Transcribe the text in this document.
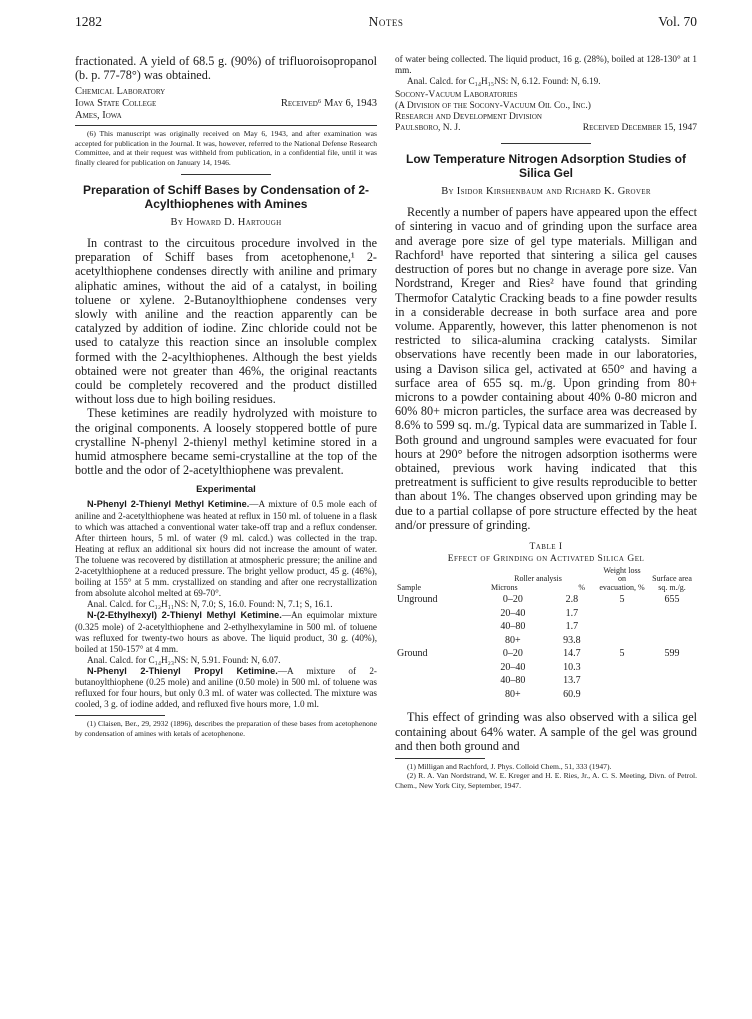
1282	Notes	Vol. 70

fractionated. A yield of 68.5 g. (90%) of trifluoroisopropanol (b. p. 77-78°) was obtained.

Chemical Laboratory
Iowa State College	Received⁶ May 6, 1943
Ames, Iowa

(6) This manuscript was originally received on May 6, 1943, and after examination was accepted for publication in the Journal. It was, however, referred to the National Defense Research Committee, and at their request was withheld from publication, in a confidential file, until it was finally cleared for publication on January 14, 1946.

Preparation of Schiff Bases by Condensation of 2-Acylthiophenes with Amines
By Howard D. Hartough

In contrast to the circuitous procedure involved in the preparation of Schiff bases from acetophenone,¹ 2-acetylthiophene condenses directly with aniline and primary aliphatic amines, without the aid of a catalyst, in boiling toluene or xylene. 2-Butanoylthiophene condenses very slowly with aniline and the reaction apparently can be catalyzed by addition of iodine. Zinc chloride could not be used to catalyze this reaction since an insoluble complex formed with the 2-acylthiophenes. Although the best yields obtained were not greater than 46%, the original reactants could be completely recovered and the product distilled without loss due to high boiling residues.

These ketimines are readily hydrolyzed with moisture to the original components. A loosely stoppered bottle of pure crystalline N-phenyl 2-thienyl methyl ketimine stored in a humid atmosphere became semi-crystalline at the top of the bottle and the odor of 2-acetylthiophene was prevalent.

Experimental

N-Phenyl 2-Thienyl Methyl Ketimine.—A mixture of 0.5 mole each of aniline and 2-acetylthiophene was heated at reflux in 150 ml. of toluene in a flask to which was attached a conventional water take-off trap and a reflux condenser. After thirteen hours, 5 ml. of water (9 ml. calcd.) was collected in the trap. Heating at reflux an additional six hours did not increase the amount of water. The toluene was recovered by distillation at atmospheric pressure; the aniline and 2-acetylthiophene at a reduced pressure. The bright yellow product, 45 g. (46%), boiling at 155° at 5 mm. crystallized on standing and after one recrystallization from absolute alcohol melted at 69-70°.

Anal. Calcd. for C₁₂H₁₁NS: N, 7.0; S, 16.0. Found: N, 7.1; S, 16.1.

N-(2-Ethylhexyl) 2-Thienyl Methyl Ketimine.—An equimolar mixture (0.325 mole) of 2-acetylthiophene and 2-ethylhexylamine in 500 ml. of toluene was refluxed for twenty-two hours as above. The liquid product, 30 g. (40%), boiled at 150-157° at 4 mm.

Anal. Calcd. for C₁₄H₂₃NS: N, 5.91. Found: N, 6.07.

N-Phenyl 2-Thienyl Propyl Ketimine.—A mixture of 2-butanoylthiophene (0.25 mole) and aniline (0.50 mole) in 500 ml. of toluene was refluxed for four hours, but only 0.3 ml. of water was collected. The mixture was cooled, 3 g. of iodine added, and refluxed five hours more, 1.0 ml.

(1) Claisen, Ber., 29, 2932 (1896), describes the preparation of these bases from acetophenone by condensation of amines with ketals of acetophenone.

of water being collected. The liquid product, 16 g. (28%), boiled at 128-130° at 1 mm.

Anal. Calcd. for C₁₄H₁₅NS: N, 6.12. Found: N, 6.19.

Socony-Vacuum Laboratories
(A Division of the Socony-Vacuum Oil Co., Inc.)
Research and Development Division
Paulsboro, N. J.	Received December 15, 1947
Low Temperature Nitrogen Adsorption Studies of Silica Gel
By Isidor Kirshenbaum and Richard K. Grover

Recently a number of papers have appeared upon the effect of sintering in vacuo and of grinding upon the surface area and average pore size of gel type materials. Milligan and Rachford¹ have reported that sintering a silica gel causes destruction of pores but no change in average pore size. Van Nordstrand, Kreger and Ries² have found that grinding Thermofor Catalytic Cracking beads to a fine powder results in a considerable decrease in both surface area and pore volume. Apparently, however, this latter phenomenon is not restricted to silica-alumina cracking catalysts. Similar observations have recently been made in our laboratories, using a Davison silica gel, activated at 650° and having a surface area of 655 sq. m./g. Upon grinding from 80+ microns to a powder containing about 40% 0-80 micron and 60% 80+ micron particles, the surface area was decreased by 8.6% to 599 sq. m./g. Typical data are summarized in Table I. Both ground and unground samples were evacuated for four hours at 290° before the nitrogen adsorption isotherms were obtained, previous work having indicated that this pretreatment is sufficient to give results reproducible to better than about 1%. The changes observed upon grinding may be due to a partial collapse of pore structure effected by the heat and/or pressure of grinding.

Table I
Effect of Grinding on Activated Silica Gel
Sample	Roller analysis
Microns %		Weight loss on evacuation, %	Surface area sq. m./g.
Unground	0–20	2.8	5	655
	20–40	1.7		
	40–80	1.7		
	80+	93.8		
Ground	0–20	14.7	5	599
	20–40	10.3		
	40–80	13.7		
	80+	60.9		

This effect of grinding was also observed with a silica gel containing about 64% water. A sample of the gel was ground and then both ground and

(1) Milligan and Rachford, J. Phys. Colloid Chem., 51, 333 (1947).

(2) R. A. Van Nordstrand, W. E. Kreger and H. E. Ries, Jr., A. C. S. Meeting, Divn. of Petrol. Chem., New York City, September, 1947.
